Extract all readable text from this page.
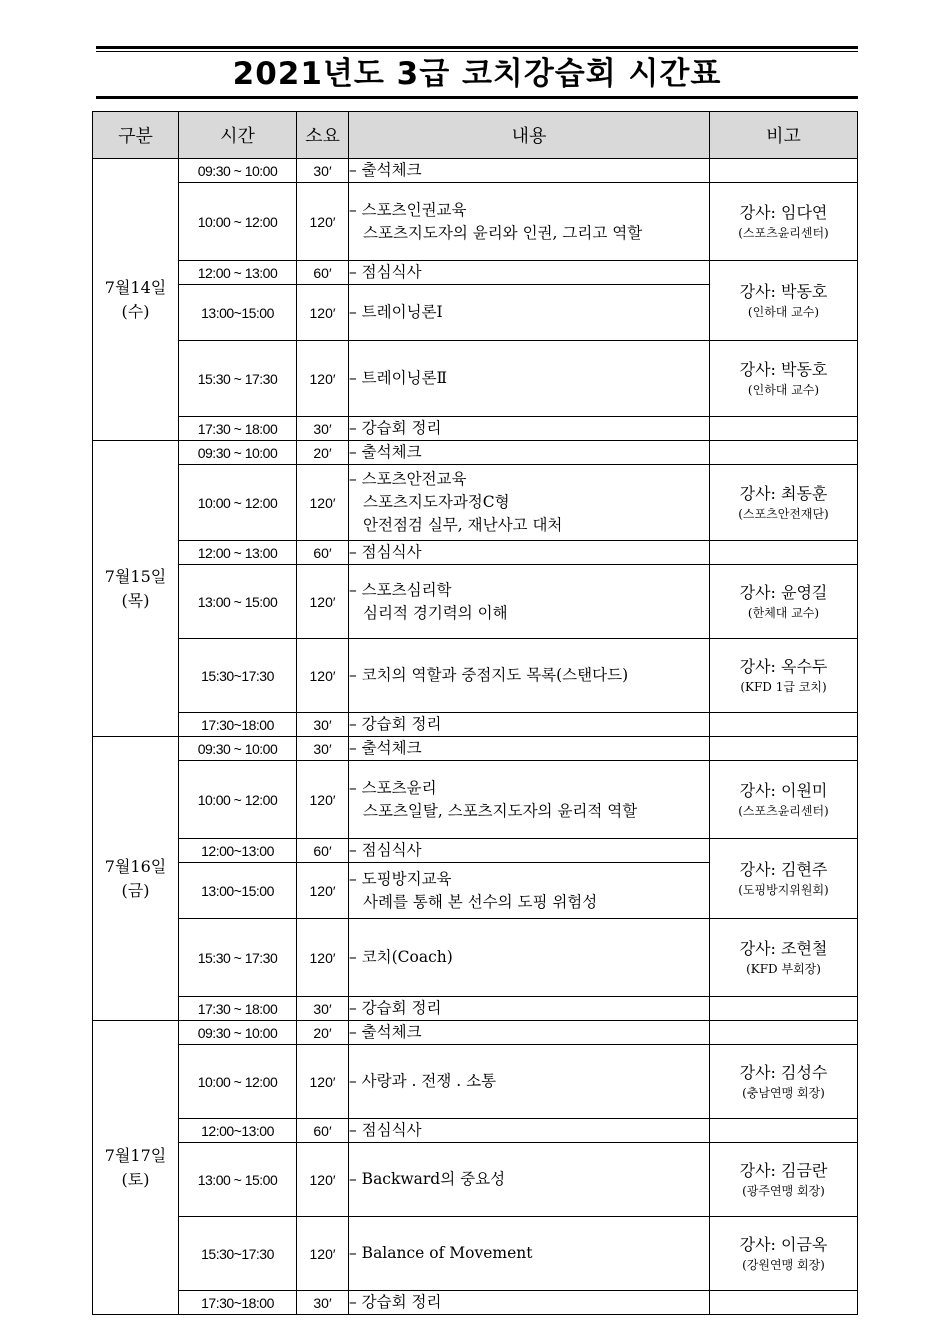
2021년도 3급 코치강습회 시간표
구분	시간	소요	내용	비고

7월14일
(수)	09:30 ~ 10:00	30′	– 출석체크	

	10:00 ~ 12:00	120′	– 스포츠인권교육
스포츠지도자의 윤리와 인권, 그리고 역할	강사: 임다연
(스포츠윤리센터)

	12:00 ~ 13:00	60′	– 점심식사	강사: 박동호
(인하대 교수)

	13:00~15:00	120′	– 트레이닝론Ⅰ	

	15:30 ~ 17:30	120′	– 트레이닝론Ⅱ	강사: 박동호
(인하대 교수)

	17:30 ~ 18:00	30′	– 강습회 정리	

7월15일
(목)	09:30 ~ 10:00	20′	– 출석체크	

	10:00 ~ 12:00	120′	– 스포츠안전교육
스포츠지도자과정C형
안전점검 실무, 재난사고 대처	강사: 최동훈
(스포츠안전재단)

	12:00 ~ 13:00	60′	– 점심식사	

	13:00 ~ 15:00	120′	– 스포츠심리학
심리적 경기력의 이해	강사: 윤영길
(한체대 교수)

	15:30~17:30	120′	– 코치의 역할과 중점지도 목록(스탠다드)	강사: 옥수두
(KFD 1급 코치)

	17:30~18:00	30′	– 강습회 정리	

7월16일
(금)	09:30 ~ 10:00	30′	– 출석체크	

	10:00 ~ 12:00	120′	– 스포츠윤리
스포츠일탈, 스포츠지도자의 윤리적 역할	강사: 이원미
(스포츠윤리센터)

	12:00~13:00	60′	– 점심식사	강사: 김현주
(도핑방지위원회)

	13:00~15:00	120′	– 도핑방지교육
사례를 통해 본 선수의 도핑 위험성	

	15:30 ~ 17:30	120′	– 코치(Coach)	강사: 조현철
(KFD 부회장)

	17:30 ~ 18:00	30′	– 강습회 정리	

7월17일
(토)	09:30 ~ 10:00	20′	– 출석체크	

	10:00 ~ 12:00	120′	– 사랑과 . 전쟁 . 소통	강사: 김성수
(충남연맹 회장)

	12:00~13:00	60′	– 점심식사	

	13:00 ~ 15:00	120′	– Backward의 중요성	강사: 김금란
(광주연맹 회장)

	15:30~17:30	120′	– Balance of Movement	강사: 이금옥
(강원연맹 회장)

	17:30~18:00	30′	– 강습회 정리	
